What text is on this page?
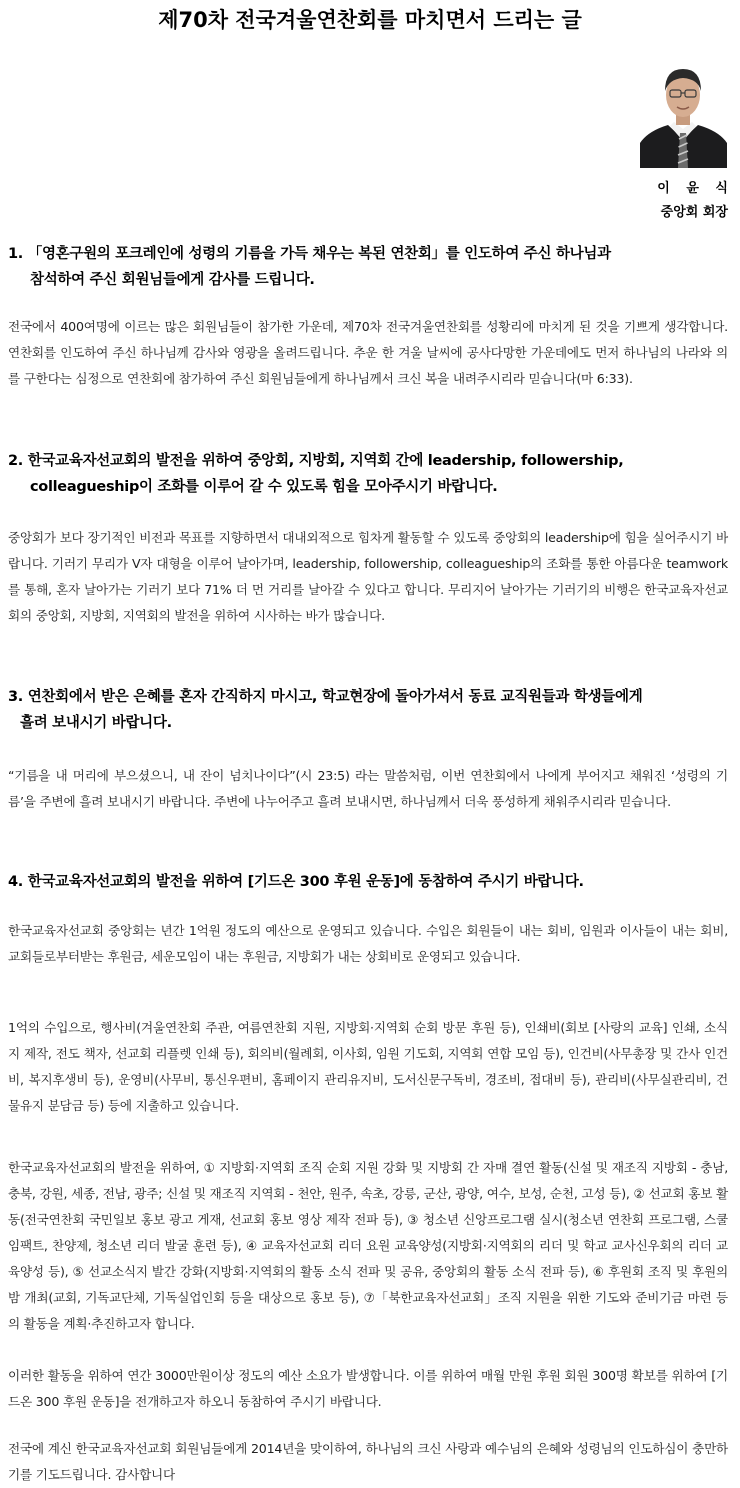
제70차 전국겨울연찬회를 마치면서 드리는 글
이 윤 식
중앙회 회장
1. 「영혼구원의 포크레인에 성령의 기름을 가득 채우는 복된 연찬회」를 인도하여 주신 하나님과
참석하여 주신 회원님들에게 감사를 드립니다.
전국에서 400여명에 이르는 많은 회원님들이 참가한 가운데, 제70차 전국겨울연찬회를 성황리에 마치게 된 것을 기쁘게 생각합니다. 연찬회를 인도하여 주신 하나님께 감사와 영광을 올려드립니다. 추운 한 겨울 날씨에 공사다망한 가운데에도 먼저 하나님의 나라와 의를 구한다는 심정으로 연찬회에 참가하여 주신 회원님들에게 하나님께서 크신 복을 내려주시리라 믿습니다(마 6:33).
2. 한국교육자선교회의 발전을 위하여 중앙회, 지방회, 지역회 간에 leadership, followership,
colleagueship이 조화를 이루어 갈 수 있도록 힘을 모아주시기 바랍니다.
중앙회가 보다 장기적인 비전과 목표를 지향하면서 대내외적으로 힘차게 활동할 수 있도록 중앙회의 leadership에 힘을 실어주시기 바랍니다. 기러기 무리가 V자 대형을 이루어 날아가며, leadership, followership, colleagueship의 조화를 통한 아름다운 teamwork를 통해, 혼자 날아가는 기러기 보다 71% 더 먼 거리를 날아갈 수 있다고 합니다. 무리지어 날아가는 기러기의 비행은 한국교육자선교회의 중앙회, 지방회, 지역회의 발전을 위하여 시사하는 바가 많습니다.
3. 연찬회에서 받은 은혜를 혼자 간직하지 마시고, 학교현장에 돌아가셔서 동료 교직원들과 학생들에게
흘려 보내시기 바랍니다.
“기름을 내 머리에 부으셨으니, 내 잔이 넘치나이다”(시 23:5) 라는 말씀처럼, 이번 연찬회에서 나에게 부어지고 채워진 ‘성령의 기름’을 주변에 흘려 보내시기 바랍니다. 주변에 나누어주고 흘려 보내시면, 하나님께서 더욱 풍성하게 채워주시리라 믿습니다.
4. 한국교육자선교회의 발전을 위하여 [기드온 300 후원 운동]에 동참하여 주시기 바랍니다.
한국교육자선교회 중앙회는 년간 1억원 정도의 예산으로 운영되고 있습니다. 수입은 회원들이 내는 회비, 임원과 이사들이 내는 회비, 교회들로부터받는 후원금, 세운모임이 내는 후원금, 지방회가 내는 상회비로 운영되고 있습니다.
1억의 수입으로, 행사비(겨울연찬회 주관, 여름연찬회 지원, 지방회·지역회 순회 방문 후원 등), 인쇄비(회보 [사랑의 교육] 인쇄, 소식지 제작, 전도 책자, 선교회 리플렛 인쇄 등), 회의비(월례회, 이사회, 임원 기도회, 지역회 연합 모임 등), 인건비(사무총장 및 간사 인건비, 복지후생비 등), 운영비(사무비, 통신우편비, 홈페이지 관리유지비, 도서신문구독비, 경조비, 접대비 등), 관리비(사무실관리비, 건물유지 분담금 등) 등에 지출하고 있습니다.
한국교육자선교회의 발전을 위하여, ① 지방회·지역회 조직 순회 지원 강화 및 지방회 간 자매 결연 활동(신설 및 재조직 지방회 - 충남, 충북, 강원, 세종, 전남, 광주; 신설 및 재조직 지역회 - 천안, 원주, 속초, 강릉, 군산, 광양, 여수, 보성, 순천, 고성 등), ② 선교회 홍보 활동(전국연찬회 국민일보 홍보 광고 게재, 선교회 홍보 영상 제작 전파 등), ③ 청소년 신앙프로그램 실시(청소년 연찬회 프로그램, 스쿨임팩트, 찬양제, 청소년 리더 발굴 훈련 등), ④ 교육자선교회 리더 요원 교육양성(지방회·지역회의 리더 및 학교 교사신우회의 리더 교육양성 등), ⑤ 선교소식지 발간 강화(지방회·지역회의 활동 소식 전파 및 공유, 중앙회의 활동 소식 전파 등), ⑥ 후원회 조직 및 후원의 밤 개최(교회, 기독교단체, 기독실업인회 등을 대상으로 홍보 등), ⑦「북한교육자선교회」조직 지원을 위한 기도와 준비기금 마련 등의 활동을 계획·추진하고자 합니다.
이러한 활동을 위하여 연간 3000만원이상 정도의 예산 소요가 발생합니다. 이를 위하여 매월 만원 후원 회원 300명 확보를 위하여 [기드온 300 후원 운동]을 전개하고자 하오니 동참하여 주시기 바랍니다.
전국에 계신 한국교육자선교회 회원님들에게 2014년을 맞이하여, 하나님의 크신 사랑과 예수님의 은혜와 성령님의 인도하심이 충만하기를 기도드립니다. 감사합니다
